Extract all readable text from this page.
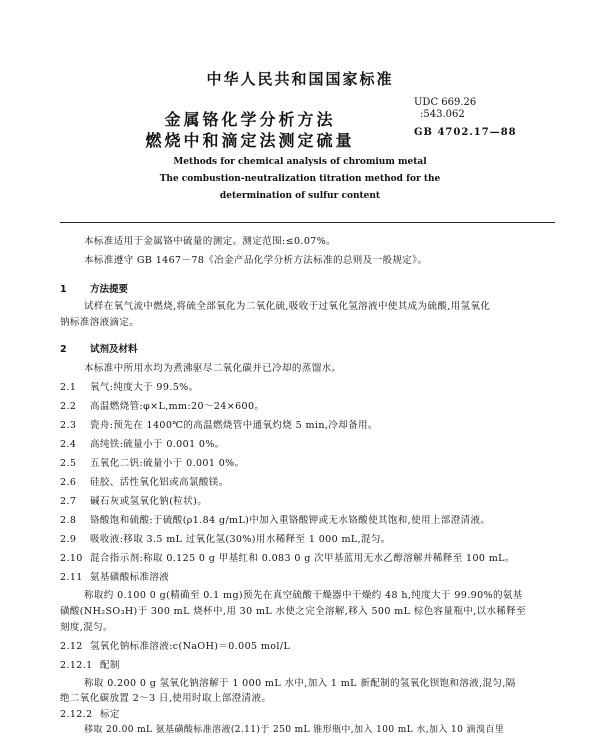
中华人民共和国国家标准
金属铬化学分析方法
燃烧中和滴定法测定硫量
UDC 669.26
:543.062
GB 4702.17—88
Methods for chemical analysis of chromium metal
The combustion-neutralization titration method for the
determination of sulfur content
本标准适用于金属铬中硫量的测定。测定范围:≤0.07%。
本标准遵守 GB 1467－78《冶金产品化学分析方法标准的总则及一般规定》。
1 方法提要
试样在氧气流中燃烧,将硫全部氧化为二氧化硫,吸收于过氧化氢溶液中使其成为硫酸,用氢氧化
钠标准溶液滴定。
2 试剂及材料
本标准中所用水均为煮沸驱尽二氧化碳并已冷却的蒸馏水。
2.1 氧气:纯度大于 99.5%。
2.2 高温燃烧管:φ×L,mm:20～24×600。
2.3 瓷舟:预先在 1400℃的高温燃烧管中通氧灼烧 5 min,冷却备用。
2.4 高纯铁:硫量小于 0.001 0%。
2.5 五氧化二钒:硫量小于 0.001 0%。
2.6 硅胶、活性氧化铝或高氯酸镁。
2.7 碱石灰或氢氧化钠(粒状)。
2.8 铬酸饱和硫酸:于硫酸(ρ1.84 g/mL)中加入重铬酸钾或无水铬酸使其饱和,使用上部澄清液。
2.9 吸收液:移取 3.5 mL 过氧化氢(30%)用水稀释至 1 000 mL,混匀。
2.10 混合指示剂:称取 0.125 0 g 甲基红和 0.083 0 g 次甲基蓝用无水乙醇溶解并稀释至 100 mL。
2.11 氨基磺酸标准溶液
称取约 0.100 0 g(精确至 0.1 mg)预先在真空硫酸干燥器中干燥约 48 h,纯度大于 99.90%的氨基
磺酸(NH₂SO₃H)于 300 mL 烧杯中,用 30 mL 水使之完全溶解,移入 500 mL 棕色容量瓶中,以水稀释至
刻度,混匀。
2.12 氢氧化钠标准溶液:c(NaOH)＝0.005 mol/L
2.12.1 配制
称取 0.200 0 g 氢氧化钠溶解于 1 000 mL 水中,加入 1 mL 新配制的氢氧化钡饱和溶液,混匀,隔
绝二氧化碳放置 2～3 日,使用时取上部澄清液。
2.12.2 标定
移取 20.00 mL 氨基磺酸标准溶液(2.11)于 250 mL 锥形瓶中,加入 100 mL 水,加入 10 滴溴百里
